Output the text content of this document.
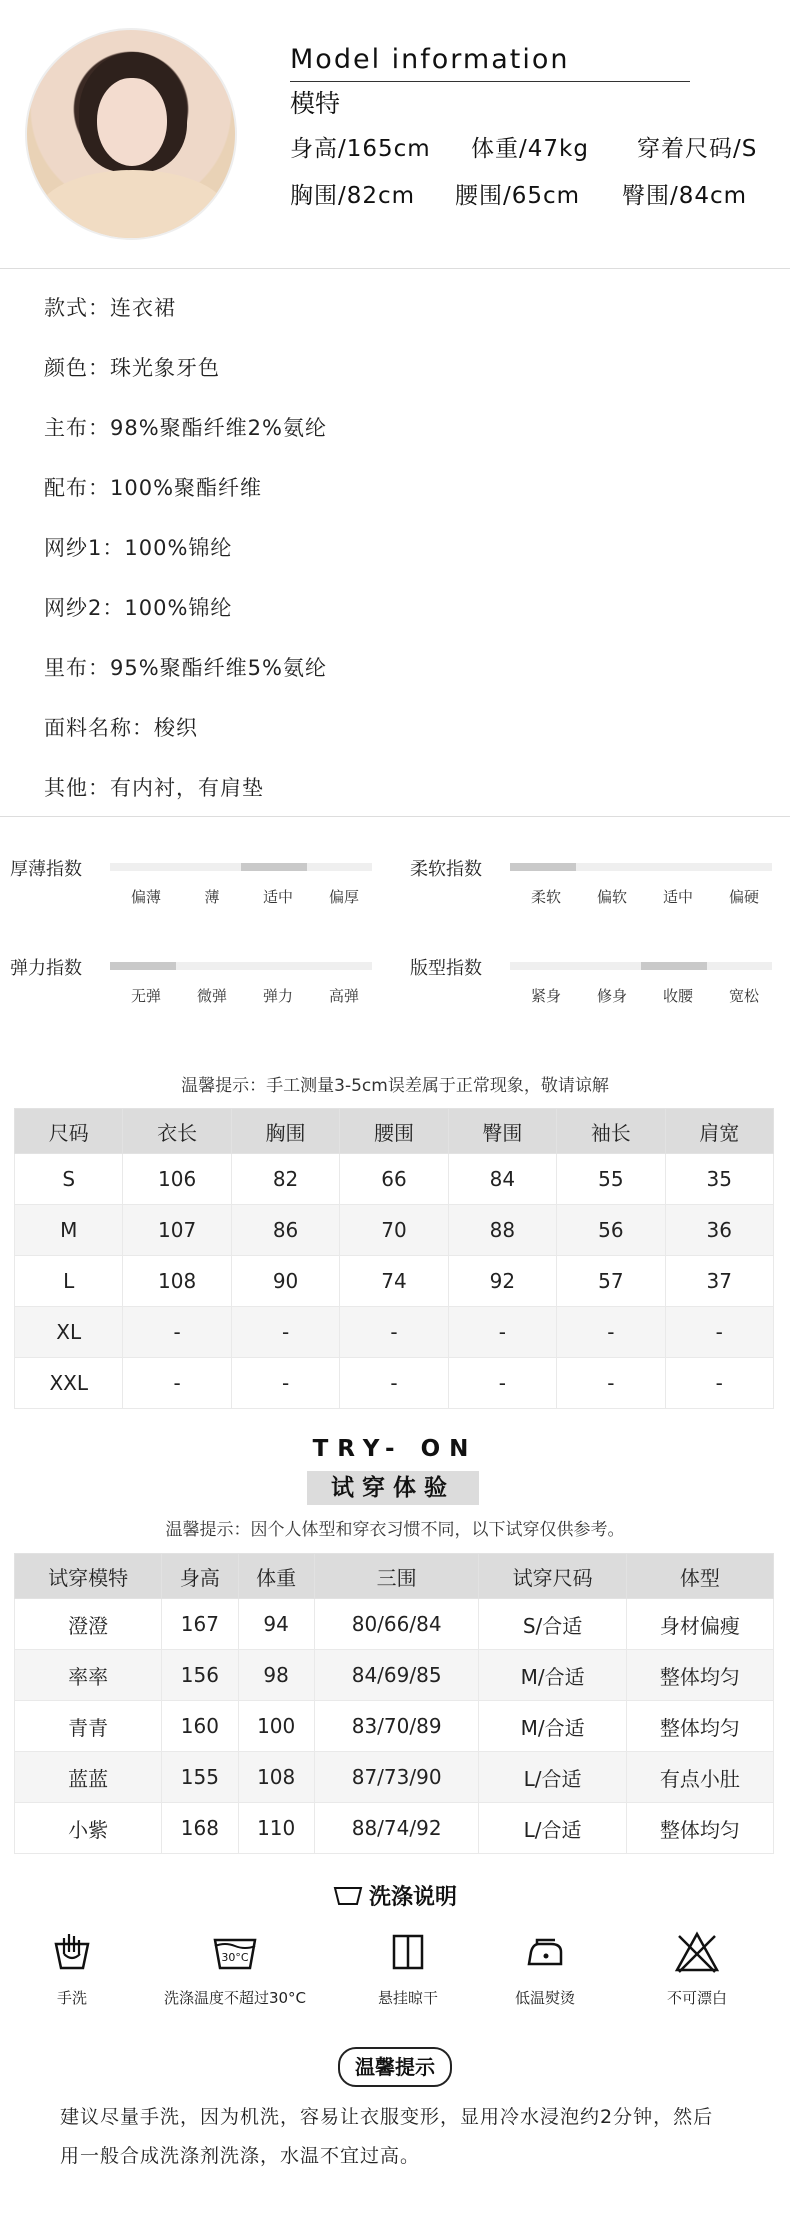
Model information
模特
身高/165cm 体重/47kg 穿着尺码/S
胸围/82cm 腰围/65cm 臀围/84cm
款式：连衣裙
颜色：珠光象牙色
主布：98%聚酯纤维2%氨纶
配布：100%聚酯纤维
网纱1：100%锦纶
网纱2：100%锦纶
里布：95%聚酯纤维5%氨纶
面料名称：梭织
其他：有内衬，有肩垫
厚薄指数
偏薄	薄	适中	偏厚
柔软指数
柔软	偏软	适中	偏硬
弹力指数
无弹	微弹	弹力	高弹
版型指数
紧身	修身	收腰	宽松
温馨提示：手工测量3-5cm误差属于正常现象，敬请谅解
尺码	衣长	胸围	腰围	臀围	袖长	肩宽
S	106	82	66	84	55	35
M	107	86	70	88	56	36
L	108	90	74	92	57	37
XL	-	-	-	-	-	-
XXL	-	-	-	-	-	-
TRY- ON
试穿体验
温馨提示：因个人体型和穿衣习惯不同，以下试穿仅供参考。
试穿模特	身高	体重	三围	试穿尺码	体型
澄澄	167	94	80/66/84	S/合适	身材偏瘦
率率	156	98	84/69/85	M/合适	整体均匀
青青	160	100	83/70/89	M/合适	整体均匀
蓝蓝	155	108	87/73/90	L/合适	有点小肚
小紫	168	110	88/74/92	L/合适	整体均匀
洗涤说明
手洗
30°C
洗涤温度不超过30°C	悬挂晾干	低温熨烫	不可漂白
温馨提示
建议尽量手洗，因为机洗，容易让衣服变形，显用冷水浸泡约2分钟，然后
用一般合成洗涤剂洗涤，水温不宜过高。
